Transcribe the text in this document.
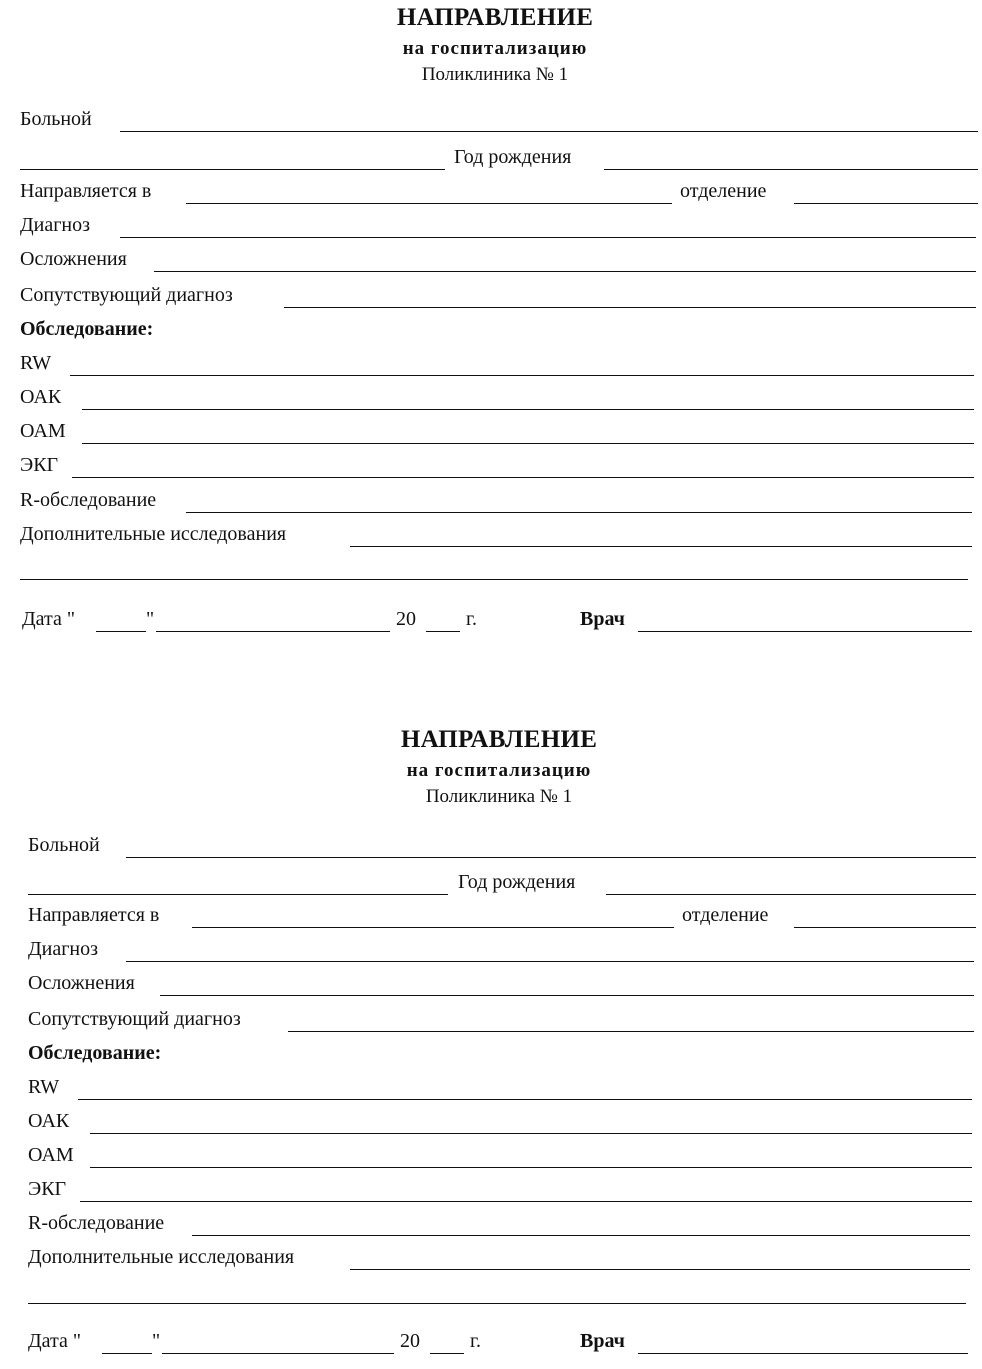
НАПРАВЛЕНИЕ
на госпитализацию
Поликлиника № 1
Больной
Год рождения
Направляется в	отделение
Диагноз
Осложнения
Сопутствующий диагноз
Обследование:
RW
ОАК
ОАМ
ЭКГ
R-обследование
Дополнительные исследования
Дата "	"	20	г.	Врач
НАПРАВЛЕНИЕ
на госпитализацию
Поликлиника № 1
Больной
Год рождения
Направляется в	отделение
Диагноз
Осложнения
Сопутствующий диагноз
Обследование:
RW
ОАК
ОАМ
ЭКГ
R-обследование
Дополнительные исследования
Дата "	"	20	г.	Врач
